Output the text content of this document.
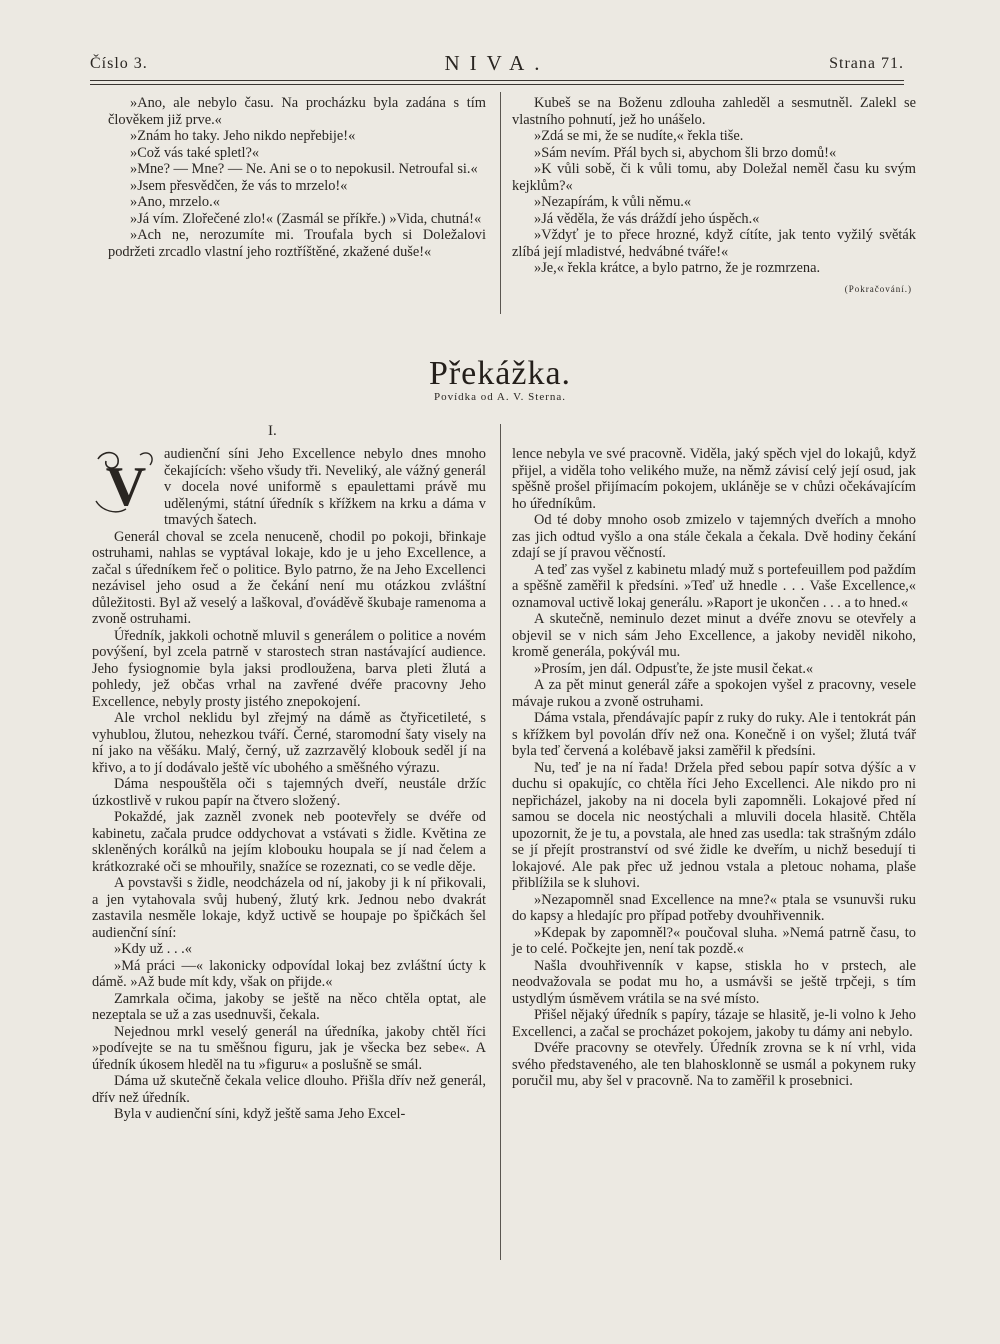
Číslo 3.	NIVA.	Strana 71.

»Ano, ale nebylo času. Na procházku byla zadána s tím člověkem již prve.«

»Znám ho taky. Jeho nikdo nepřebije!«

»Což vás také spletl?«

»Mne? — Mne? — Ne. Ani se o to nepokusil. Netroufal si.«

»Jsem přesvědčen, že vás to mrzelo!«

»Ano, mrzelo.«

»Já vím. Zlořečené zlo!« (Zasmál se příkře.) »Vida, chutná!«

»Ach ne, nerozumíte mi. Troufala bych si Doležalovi podržeti zrcadlo vlastní jeho roztříštěné, zkažené duše!«

Kubeš se na Boženu zdlouha zahleděl a sesmutněl. Zalekl se vlastního pohnutí, jež ho unášelo.

»Zdá se mi, že se nudíte,« řekla tiše.

»Sám nevím. Přál bych si, abychom šli brzo domů!«

»K vůli sobě, či k vůli tomu, aby Doležal neměl času ku svým kejklům?«

»Nezapírám, k vůli němu.«

»Já věděla, že vás dráždí jeho úspěch.«

»Vždyť je to přece hrozné, když cítíte, jak tento vyžilý světák zlíbá její mladistvé, hedvábné tváře!«

»Je,« řekla krátce, a bylo patrno, že je rozmrzena.

(Pokračování.)
Překážka.
Povídka od A. V. Sterna.
I.
V

audienční síni Jeho Excellence nebylo dnes mnoho čekajících: všeho všudy tři. Neveliký, ale vážný generál v docela nové uniformě s epaulettami právě mu udělenými, státní úředník s křížkem na krku a dáma v tmavých šatech.

Generál choval se zcela nenuceně, chodil po pokoji, břinkaje ostruhami, nahlas se vyptával lokaje, kdo je u jeho Excellence, a začal s úředníkem řeč o politice. Bylo patrno, že na Jeho Excellenci nezávisel jeho osud a že čekání není mu otázkou zvláštní důležitosti. Byl až veselý a laškoval, ďováděvě škubaje ramenoma a zvoně ostruhami.

Úředník, jakkoli ochotně mluvil s generálem o politice a novém povýšení, byl zcela patrně v starostech stran nastávající audience. Jeho fysiognomie byla jaksi prodloužena, barva pleti žlutá a pohledy, jež občas vrhal na zavřené dvéře pracovny Jeho Excellence, nebyly prosty jistého znepokojení.

Ale vrchol neklidu byl zřejmý na dámě as čtyřicetileté, s vyhublou, žlutou, nehezkou tváří. Černé, staromodní šaty visely na ní jako na věšáku. Malý, černý, už zazrzavělý klobouk seděl jí na křivo, a to jí dodávalo ještě víc ubohého a směšného výrazu.

Dáma nespouštěla oči s tajemných dveří, neustále držíc úzkostlivě v rukou papír na čtvero složený.

Pokaždé, jak zazněl zvonek neb pootevřely se dvéře od kabinetu, začala prudce oddychovat a vstávati s židle. Květina ze skleněných korálků na jejím klobouku houpala se jí nad čelem a krátkozraké oči se mhouřily, snažíce se rozeznati, co se vedle děje.

A povstavši s židle, neodcházela od ní, jakoby ji k ní přikovali, a jen vytahovala svůj hubený, žlutý krk. Jednou nebo dvakrát zastavila nesměle lokaje, když uctivě se houpaje po špičkách šel audienční síní:

»Kdy už . . .«

»Má práci —« lakonicky odpovídal lokaj bez zvláštní úcty k dámě. »Až bude mít kdy, však on přijde.«

Zamrkala očima, jakoby se ještě na něco chtěla optat, ale nezeptala se už a zas usednuvši, čekala.

Nejednou mrkl veselý generál na úředníka, jakoby chtěl říci »podívejte se na tu směšnou figuru, jak je všecka bez sebe«. A úředník úkosem hleděl na tu »figuru« a poslušně se smál.

Dáma už skutečně čekala velice dlouho. Přišla dřív než generál, dřív než úředník.

Byla v audienční síni, když ještě sama Jeho Excel-

lence nebyla ve své pracovně. Viděla, jaký spěch vjel do lokajů, když přijel, a viděla toho velikého muže, na němž závisí celý její osud, jak spěšně prošel přijímacím pokojem, ukláněje se v chůzi očekávajícím ho úředníkům.

Od té doby mnoho osob zmizelo v tajemných dveřích a mnoho zas jich odtud vyšlo a ona stále čekala a čekala. Dvě hodiny čekání zdají se jí pravou věčností.

A teď zas vyšel z kabinetu mladý muž s portefeuillem pod paždím a spěšně zaměřil k předsíni. »Teď už hnedle . . . Vaše Excellence,« oznamoval uctivě lokaj generálu. »Raport je ukončen . . . a to hned.«

A skutečně, neminulo dezet minut a dvéře znovu se otevřely a objevil se v nich sám Jeho Excellence, a jakoby neviděl nikoho, kromě generála, pokývál mu.

»Prosím, jen dál. Odpusťte, že jste musil čekat.«

A za pět minut generál záře a spokojen vyšel z pracovny, vesele mávaje rukou a zvoně ostruhami.

Dáma vstala, přendávajíc papír z ruky do ruky. Ale i tentokrát pán s křížkem byl povolán dřív než ona. Konečně i on vyšel; žlutá tvář byla teď červená a kolébavě jaksi zaměřil k předsíni.

Nu, teď je na ní řada! Držela před sebou papír sotva dýšíc a v duchu si opakujíc, co chtěla říci Jeho Excellenci. Ale nikdo pro ni nepřicházel, jakoby na ni docela byli zapomněli. Lokajové před ní samou se docela nic neostýchali a mluvili docela hlasitě. Chtěla upozornit, že je tu, a povstala, ale hned zas usedla: tak strašným zdálo se jí přejít prostranství od své židle ke dveřím, u nichž besedují ti lokajové. Ale pak přec už jednou vstala a pletouc nohama, plaše přiblížila se k sluhovi.

»Nezapomněl snad Excellence na mne?« ptala se vsunuvši ruku do kapsy a hledajíc pro případ potřeby dvouhřivennik.

»Kdepak by zapomněl?« poučoval sluha. »Nemá patrně času, to je to celé. Počkejte jen, není tak pozdě.«

Našla dvouhřivenník v kapse, stiskla ho v prstech, ale neodvažovala se podat mu ho, a usmávši se ještě trpčeji, s tím ustydlým úsměvem vrátila se na své místo.

Přišel nějaký úředník s papíry, tázaje se hlasitě, je-li volno k Jeho Excellenci, a začal se procházet pokojem, jakoby tu dámy ani nebylo.

Dvéře pracovny se otevřely. Úředník zrovna se k ní vrhl, vida svého představeného, ale ten blahosklonně se usmál a pokynem ruky poručil mu, aby šel v pracovně. Na to zaměřil k prosebnici.
